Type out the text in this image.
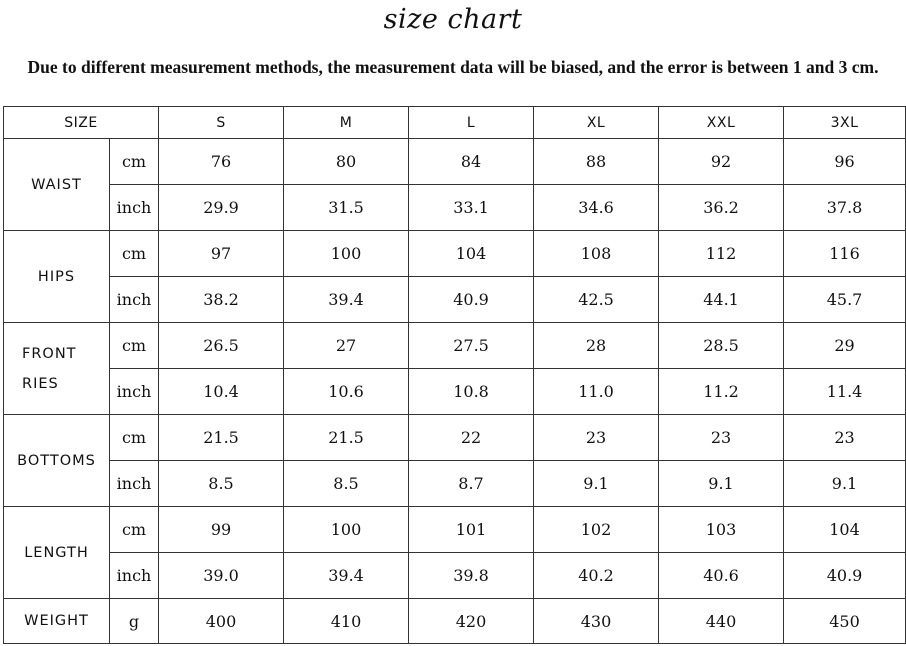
size chart
Due to different measurement methods, the measurement data will be biased, and the error is between 1 and 3 cm.
SIZE		S	M	L	XL	XXL	3XL
WAIST	cm	76	80	84	88	92	96
	inch	29.9	31.5	33.1	34.6	36.2	37.8
HIPS	cm	97	100	104	108	112	116
	inch	38.2	39.4	40.9	42.5	44.1	45.7

FRONT
RIES	cm	26.5	27	27.5	28	28.5	29
	inch	10.4	10.6	10.8	11.0	11.2	11.4
BOTTOMS	cm	21.5	21.5	22	23	23	23
	inch	8.5	8.5	8.7	9.1	9.1	9.1
LENGTH	cm	99	100	101	102	103	104
	inch	39.0	39.4	39.8	40.2	40.6	40.9
WEIGHT	g	400	410	420	430	440	450
